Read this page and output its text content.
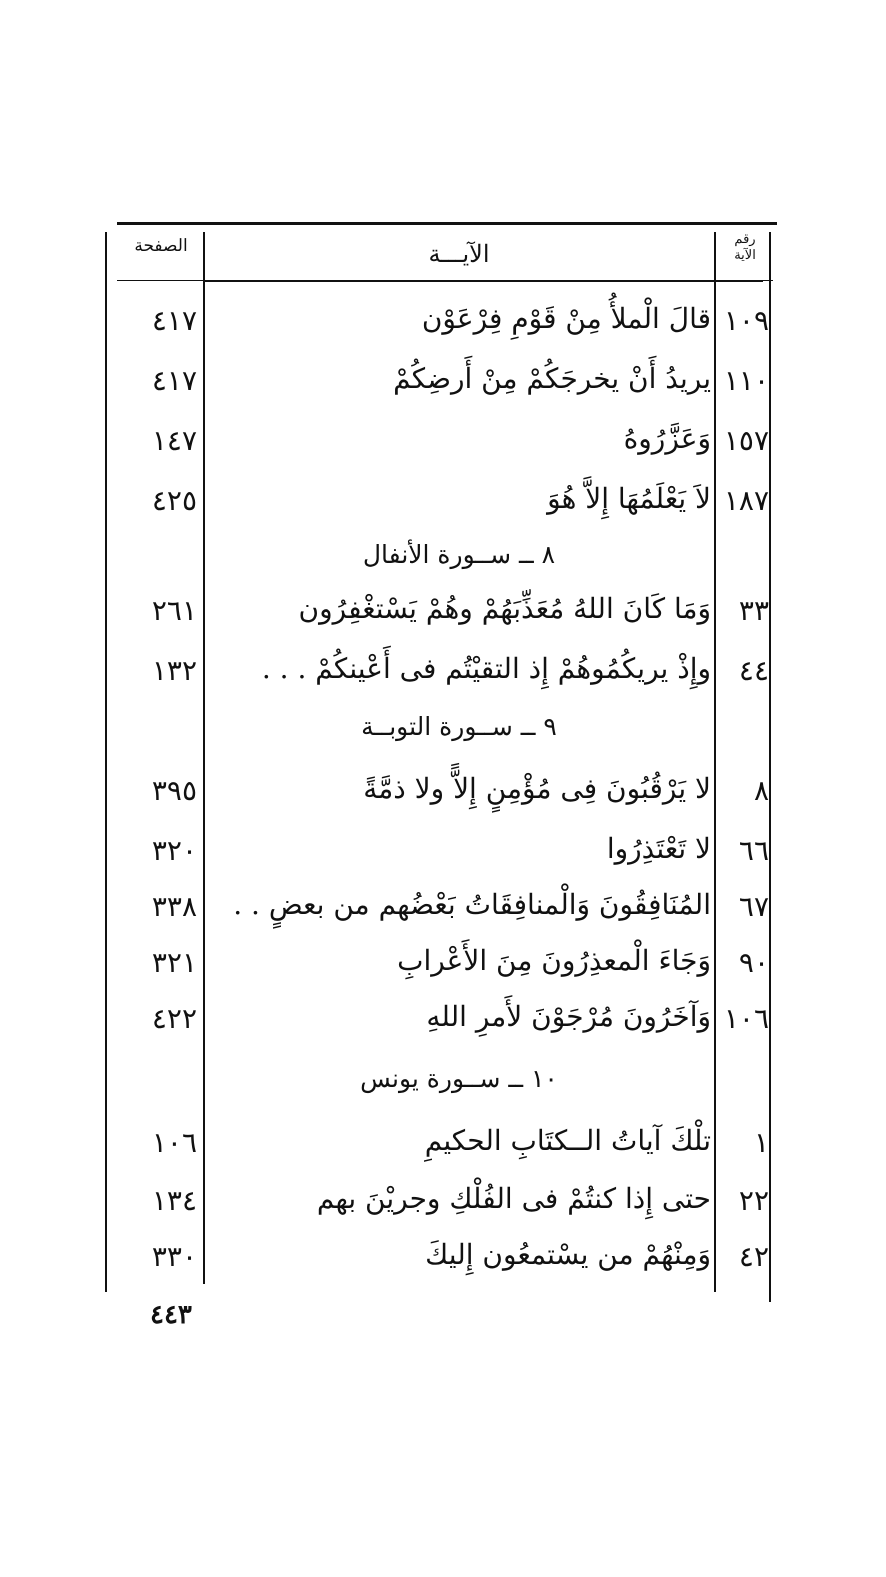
الصفحة	الآيـــة
رقم
الآية
١٠٩
قالَ الْملأُ مِنْ قَوْمِ فِرْعَوْن
٤١٧
١١٠
يريدُ أَنْ يخرجَكُمْ مِنْ أَرضِكُمْ
٤١٧
١٥٧
وَعَزَّرُوهُ
١٤٧
١٨٧
لاَ يَعْلَمُهَا إِلاَّ هُوَ
٤٢٥
٨ ــ ســورة الأنفال
٣٣
وَمَا كَانَ اللهُ مُعَذِّبَهُمْ وهُمْ يَسْتغْفِرُون
٢٦١
٤٤
وإِذْ يريكُمُوهُمْ إِذ التقيْتُم فى أَعْينكُمْ . . .
١٣٢
٩ ــ ســورة التوبــة
٨
لا يَرْقُبُونَ فِى مُؤْمِنٍ إِلاًّ ولا ذمَّةً
٣٩٥
٦٦
لا تَعْتَذِرُوا
٣٢٠
٦٧
المُنَافِقُونَ وَالْمنافِقَاتُ بَعْضُهم من بعضٍ . .
٣٣٨
٩٠
وَجَاءَ الْمعذِرُونَ مِنَ الأَعْرابِ
٣٢١
١٠٦
وَآخَرُونَ مُرْجَوْنَ لأَمرِ اللهِ
٤٢٢
١٠ ــ ســورة يونس
١
تلْكَ آياتُ الــكتَابِ الحكيمِ
١٠٦
٢٢
حتى إِذا كنتُمْ فى الفُلْكِ وجريْنَ بهم
١٣٤
٤٢
وَمِنْهُمْ من يسْتمعُون إِليكَ
٣٣٠
٤٤٣
